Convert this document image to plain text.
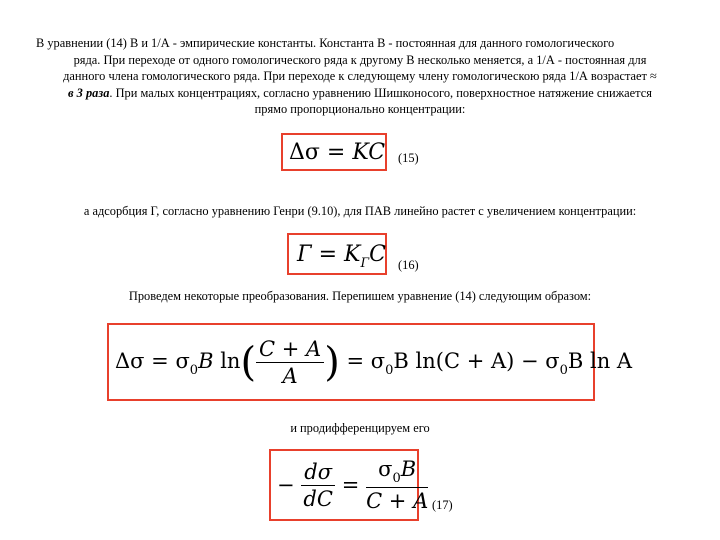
В уравнении (14) B и 1/А - эмпирические константы. Константа B - постоянная для данного гомологического
ряда. При переходе от одного гомологического ряда к другому B несколько меняется, а 1/А - постоянная для
данного члена гомологического ряда. При переходе к следующему члену гомологическою ряда 1/А возрастает ≈
в 3 раза. При малых концентрациях, согласно уравнению Шишконосого, поверхностное натяжение снижается
прямо пропорционально концентрации:
Δσ = KC (15)
а адсорбция Г, согласно уравнению Генри (9.10), для ПАВ линейно растет с увеличением концентрации:
$Г = K_ГC$ (16)
Проведем некоторые преобразования. Перепишем уравнение (14) следующим образом:
$\Delta\sigma = \sigma_0B$ $\ln( \frac{C + A}{A}$ ) = $\sigma_0B$ $\ln(C + A) - \sigma_0B$ ln A
и продифференцируем его
− $\frac{d\sigma}{dC} = \frac{\sigma_0B}{C + A} (17)$
